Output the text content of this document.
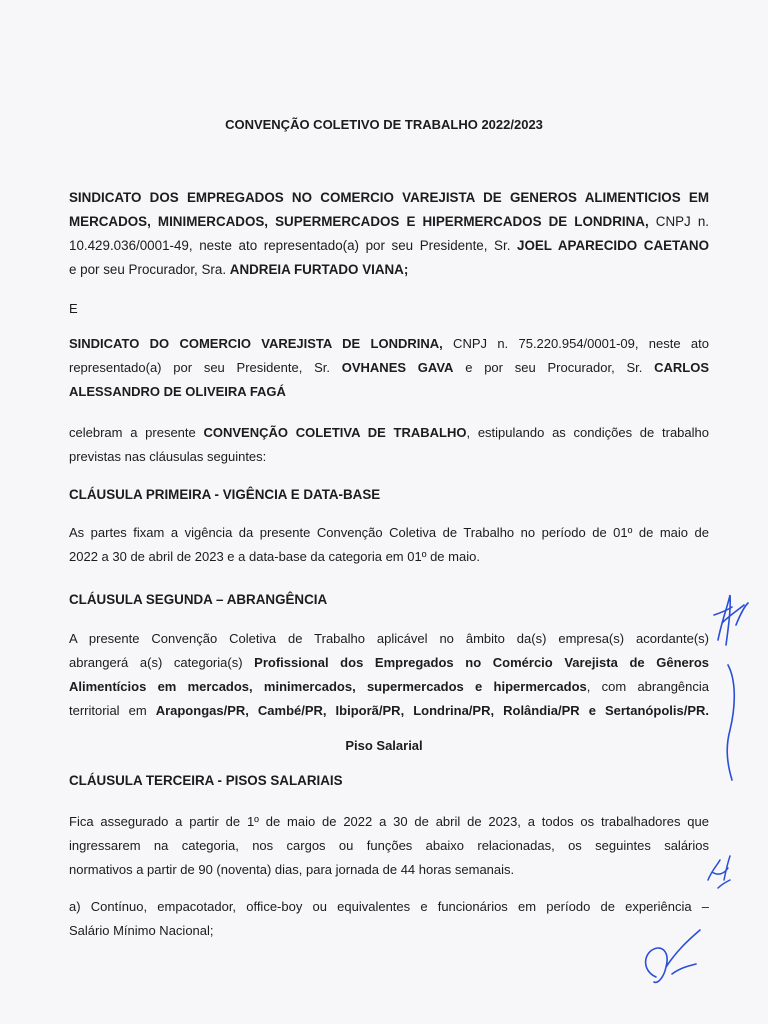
CONVENÇÃO COLETIVO DE TRABALHO 2022/2023
SINDICATO DOS EMPREGADOS NO COMERCIO VAREJISTA DE GENEROS ALIMENTICIOS EM
MERCADOS, MINIMERCADOS, SUPERMERCADOS E HIPERMERCADOS DE LONDRINA, CNPJ n.
10.429.036/0001-49, neste ato representado(a) por seu Presidente, Sr. JOEL APARECIDO CAETANO
e por seu Procurador, Sra. ANDREIA FURTADO VIANA;
E
SINDICATO DO COMERCIO VAREJISTA DE LONDRINA, CNPJ n. 75.220.954/0001-09, neste ato
representado(a) por seu Presidente, Sr. OVHANES GAVA e por seu Procurador, Sr. CARLOS
ALESSANDRO DE OLIVEIRA FAGÁ
celebram a presente CONVENÇÃO COLETIVA DE TRABALHO, estipulando as condições de trabalho
previstas nas cláusulas seguintes:
CLÁUSULA PRIMEIRA - VIGÊNCIA E DATA-BASE
As partes fixam a vigência da presente Convenção Coletiva de Trabalho no período de 01º de maio de
2022 a 30 de abril de 2023 e a data-base da categoria em 01º de maio.
CLÁUSULA SEGUNDA – ABRANGÊNCIA
A presente Convenção Coletiva de Trabalho aplicável no âmbito da(s) empresa(s) acordante(s)
abrangerá a(s) categoria(s) Profissional dos Empregados no Comércio Varejista de Gêneros
Alimentícios em mercados, minimercados, supermercados e hipermercados, com abrangência
territorial em Arapongas/PR, Cambé/PR, Ibiporã/PR, Londrina/PR, Rolândia/PR e Sertanópolis/PR.
Piso Salarial
CLÁUSULA TERCEIRA - PISOS SALARIAIS
Fica assegurado a partir de 1º de maio de 2022 a 30 de abril de 2023, a todos os trabalhadores que
ingressarem na categoria, nos cargos ou funções abaixo relacionadas, os seguintes salários
normativos a partir de 90 (noventa) dias, para jornada de 44 horas semanais.
a) Contínuo, empacotador, office-boy ou equivalentes e funcionários em período de experiência –
Salário Mínimo Nacional;
